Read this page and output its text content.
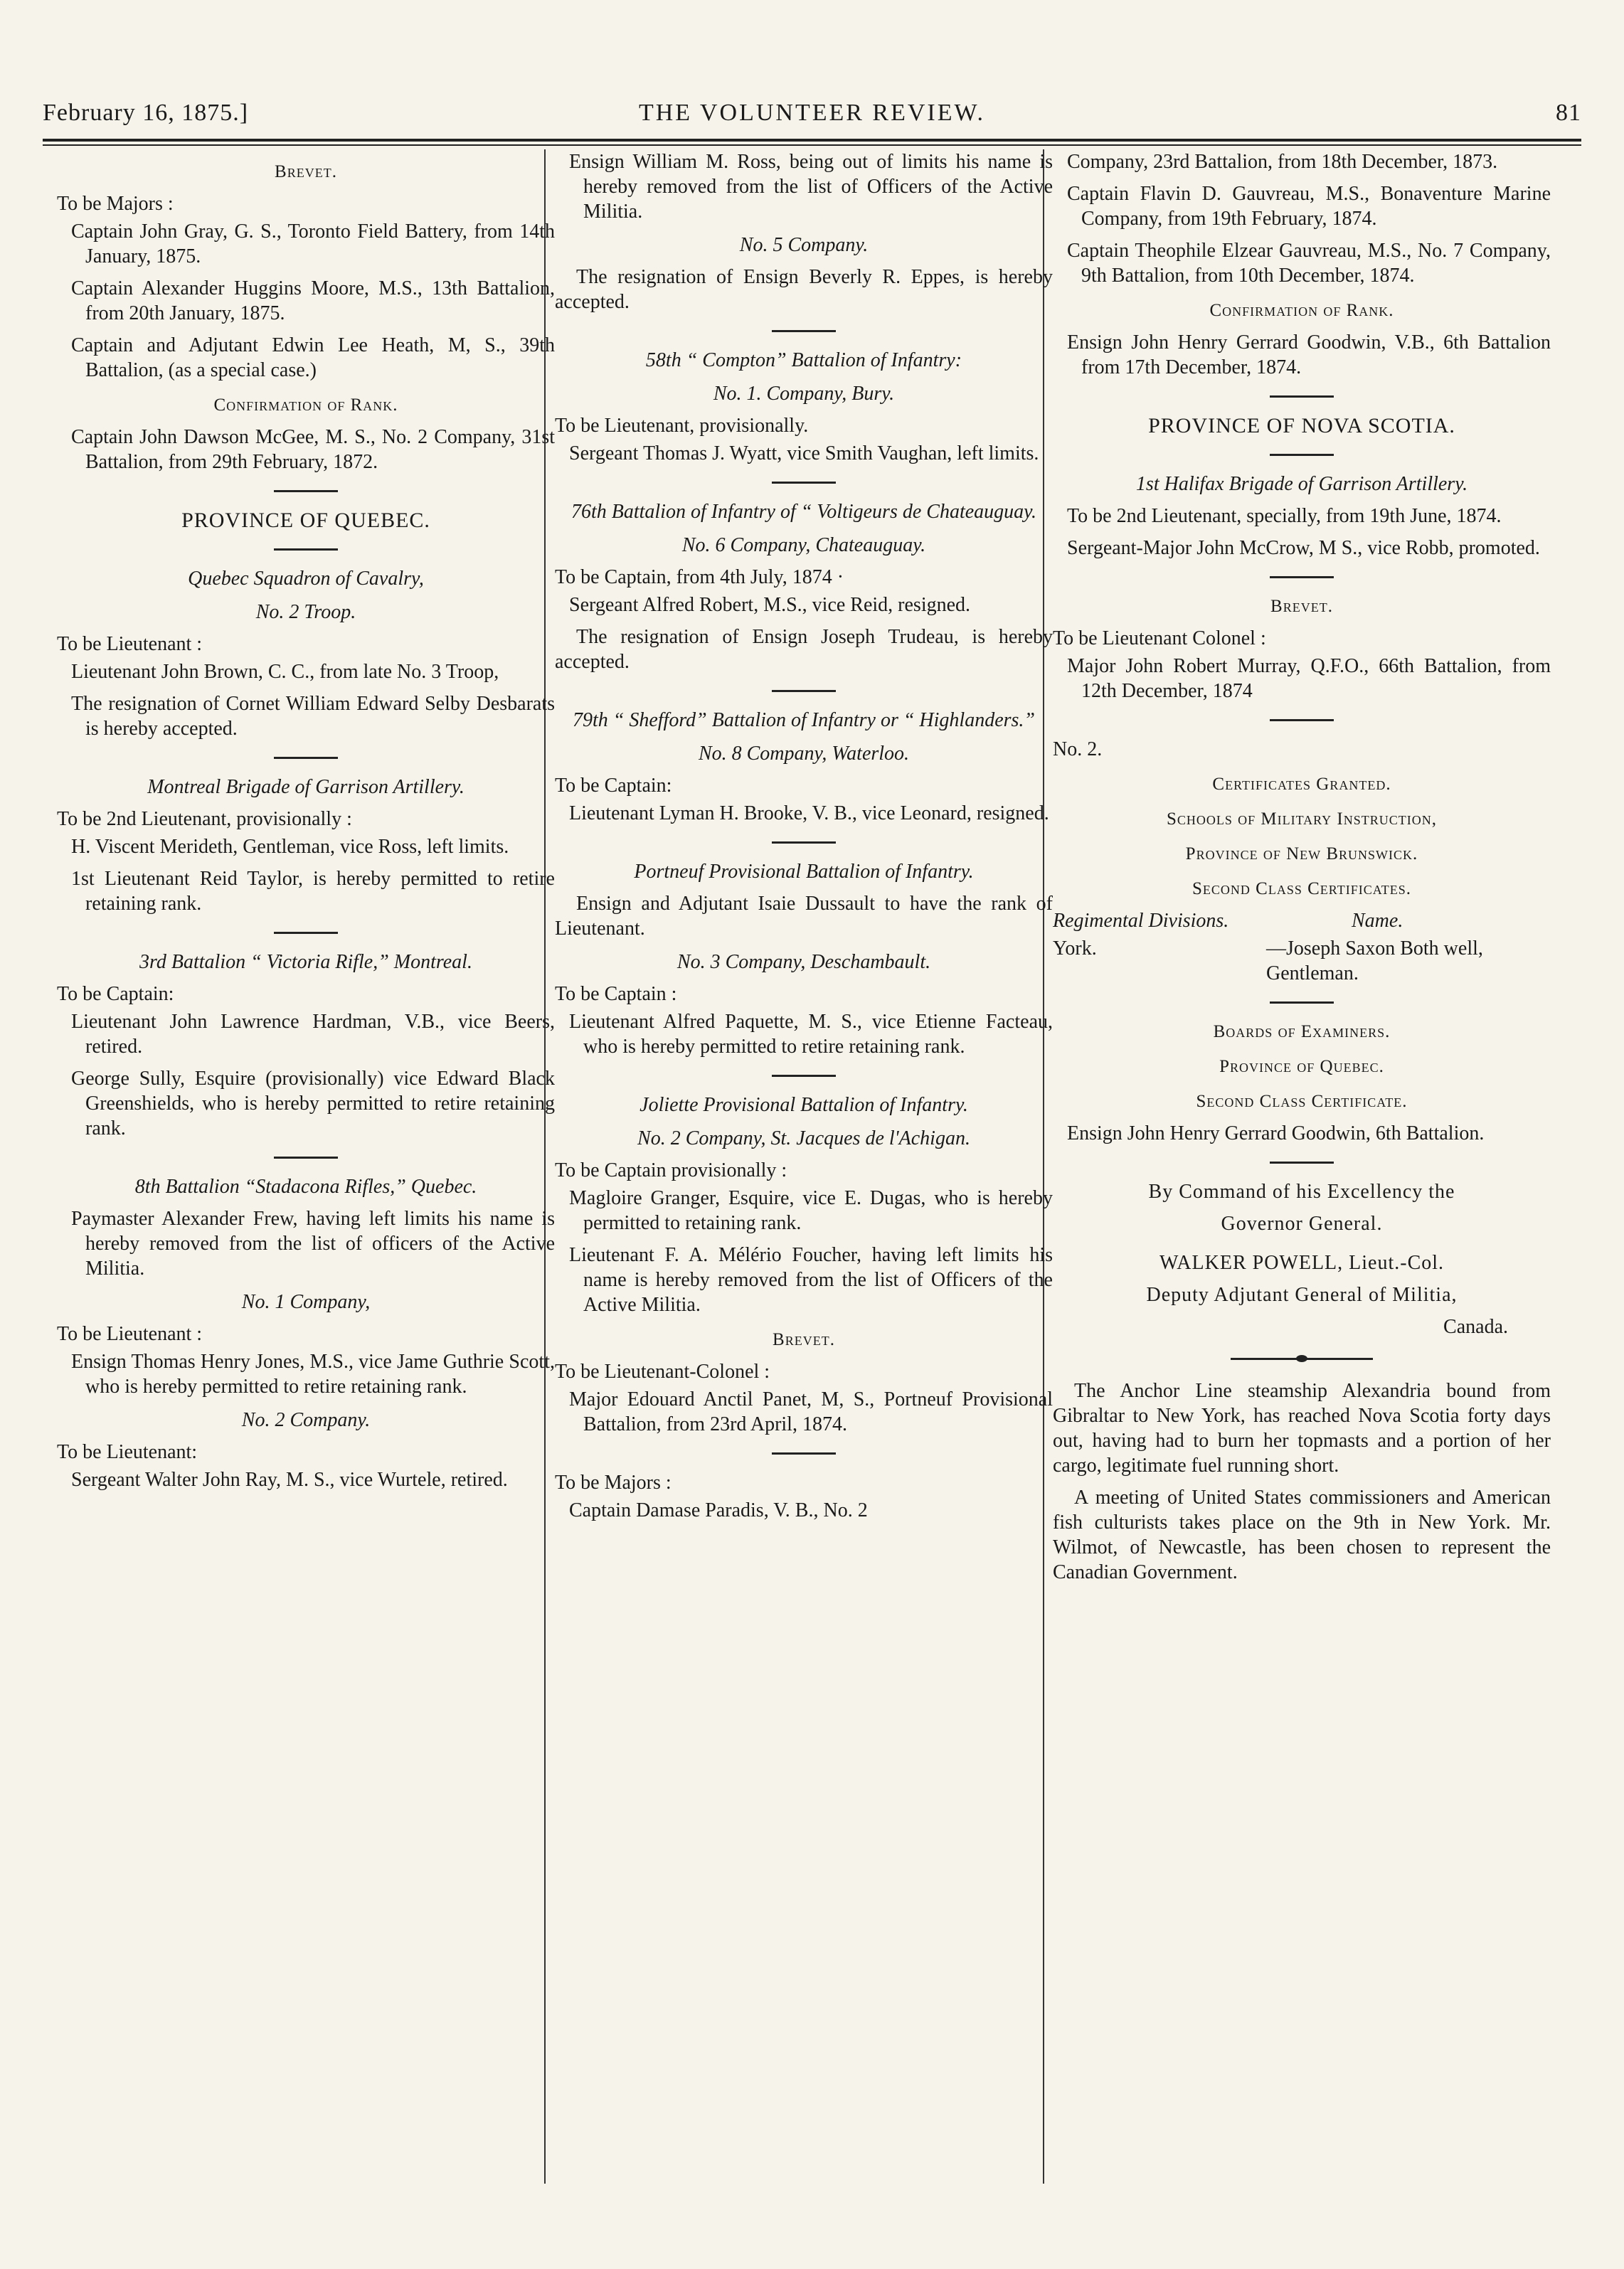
February 16, 1875.]	THE VOLUNTEER REVIEW.	81

Brevet.

To be Majors :

Captain John Gray, G. S., Toronto Field Battery, from 14th January, 1875.

Captain Alexander Huggins Moore, M.S., 13th Battalion, from 20th January, 1875.

Captain and Adjutant Edwin Lee Heath, M, S., 39th Battalion, (as a special case.)

Confirmation of Rank.

Captain John Dawson McGee, M. S., No. 2 Company, 31st Battalion, from 29th February, 1872.

PROVINCE OF QUEBEC.

Quebec Squadron of Cavalry,

No. 2 Troop.

To be Lieutenant :

Lieutenant John Brown, C. C., from late No. 3 Troop,

The resignation of Cornet William Edward Selby Desbarats is hereby accepted.

Montreal Brigade of Garrison Artillery.

To be 2nd Lieutenant, provisionally :

H. Viscent Merideth, Gentleman, vice Ross, left limits.

1st Lieutenant Reid Taylor, is hereby permitted to retire retaining rank.

3rd Battalion “ Victoria Rifle,” Montreal.

To be Captain:

Lieutenant John Lawrence Hardman, V.B., vice Beers, retired.

George Sully, Esquire (provisionally) vice Edward Black Greenshields, who is hereby permitted to retire retaining rank.

8th Battalion “Stadacona Rifles,” Quebec.

Paymaster Alexander Frew, having left limits his name is hereby removed from the list of officers of the Active Militia.

No. 1 Company,

To be Lieutenant :

Ensign Thomas Henry Jones, M.S., vice Jame Guthrie Scott, who is hereby permitted to retire retaining rank.

No. 2 Company.

To be Lieutenant:

Sergeant Walter John Ray, M. S., vice Wurtele, retired.

Ensign William M. Ross, being out of limits his name is hereby removed from the list of Officers of the Active Militia.

No. 5 Company.

The resignation of Ensign Beverly R. Eppes, is hereby accepted.

58th “ Compton” Battalion of Infantry:

No. 1. Company, Bury.

To be Lieutenant, provisionally.

Sergeant Thomas J. Wyatt, vice Smith Vaughan, left limits.

76th Battalion of Infantry of “ Voltigeurs de Chateauguay.

No. 6 Company, Chateauguay.

To be Captain, from 4th July, 1874 ·

Sergeant Alfred Robert, M.S., vice Reid, resigned.

The resignation of Ensign Joseph Trudeau, is hereby accepted.

79th “ Shefford” Battalion of Infantry or “ Highlanders.”

No. 8 Company, Waterloo.

To be Captain:

Lieutenant Lyman H. Brooke, V. B., vice Leonard, resigned.

Portneuf Provisional Battalion of Infantry.

Ensign and Adjutant Isaie Dussault to have the rank of Lieutenant.

No. 3 Company, Deschambault.

To be Captain :

Lieutenant Alfred Paquette, M. S., vice Etienne Facteau, who is hereby permitted to retire retaining rank.

Joliette Provisional Battalion of Infantry.

No. 2 Company, St. Jacques de l'Achigan.

To be Captain provisionally :

Magloire Granger, Esquire, vice E. Dugas, who is hereby permitted to retaining rank.

Lieutenant F. A. Mélério Foucher, having left limits his name is hereby removed from the list of Officers of the Active Militia.

Brevet.

To be Lieutenant-Colonel :

Major Edouard Anctil Panet, M, S., Portneuf Provisional Battalion, from 23rd April, 1874.

To be Majors :

Captain Damase Paradis, V. B., No. 2

Company, 23rd Battalion, from 18th December, 1873.

Captain Flavin D. Gauvreau, M.S., Bonaventure Marine Company, from 19th February, 1874.

Captain Theophile Elzear Gauvreau, M.S., No. 7 Company, 9th Battalion, from 10th December, 1874.

Confirmation of Rank.

Ensign John Henry Gerrard Goodwin, V.B., 6th Battalion from 17th December, 1874.

PROVINCE OF NOVA SCOTIA.

1st Halifax Brigade of Garrison Artillery.

To be 2nd Lieutenant, specially, from 19th June, 1874.

Sergeant-Major John McCrow, M S., vice Robb, promoted.

Brevet.

To be Lieutenant Colonel :

Major John Robert Murray, Q.F.O., 66th Battalion, from 12th December, 1874

No. 2.

Certificates Granted.

Schools of Military Instruction,

Province of New Brunswick.

Second Class Certificates.

Regimental Divisions.	Name.
York.	—Joseph Saxon Both well, Gentleman.

Boards of Examiners.

Province of Quebec.

Second Class Certificate.

Ensign John Henry Gerrard Goodwin, 6th Battalion.

By Command of his Excellency the

Governor General.

WALKER POWELL, Lieut.-Col.

Deputy Adjutant General of Militia,

Canada.

The Anchor Line steamship Alexandria bound from Gibraltar to New York, has reached Nova Scotia forty days out, having had to burn her topmasts and a portion of her cargo, legitimate fuel running short.

A meeting of United States commissioners and American fish culturists takes place on the 9th in New York. Mr. Wilmot, of Newcastle, has been chosen to represent the Canadian Government.
